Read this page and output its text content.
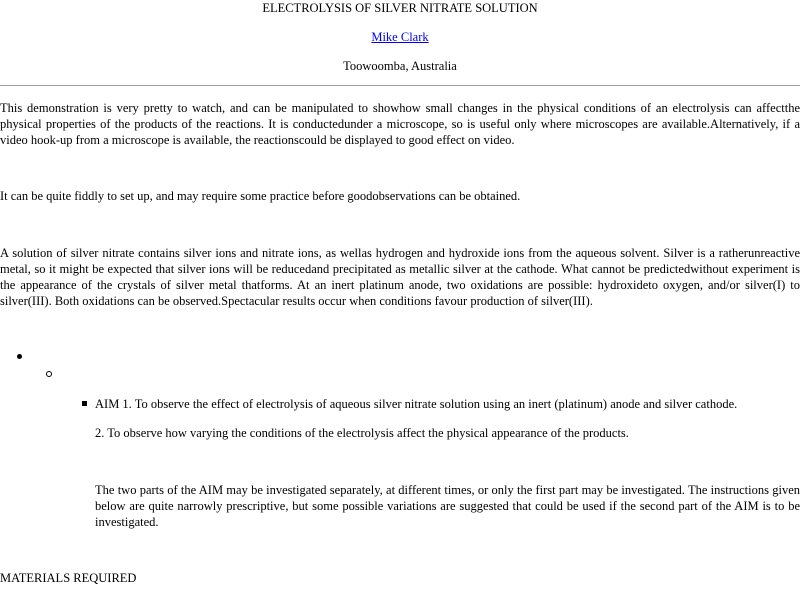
ELECTROLYSIS OF SILVER NITRATE SOLUTION

Mike Clark

Toowoomba, Australia

This demonstration is very pretty to watch, and can be manipulated to showhow small changes in the physical conditions of an electrolysis can affectthe physical properties of the products of the reactions. It is conductedunder a microscope, so is useful only where microscopes are available.Alternatively, if a video hook-up from a microscope is available, the reactionscould be displayed to good effect on video.

It can be quite fiddly to set up, and may require some practice before goodobservations can be obtained.

A solution of silver nitrate contains silver ions and nitrate ions, as wellas hydrogen and hydroxide ions from the aqueous solvent. Silver is a ratherunreactive metal, so it might be expected that silver ions will be reducedand precipitated as metallic silver at the cathode. What cannot be predictedwithout experiment is the appearance of the crystals of silver metal thatforms. At an inert platinum anode, two oxidations are possible: hydroxideto oxygen, and/or silver(I) to silver(III). Both oxidations can be observed.Spectacular results occur when conditions favour production of silver(III).

AIM 1. To observe the effect of electrolysis of aqueous silver nitrate solution using an inert (platinum) anode and silver cathode.

2. To observe how varying the conditions of the electrolysis affect the physical appearance of the products.

The two parts of the AIM may be investigated separately, at different times, or only the first part may be investigated. The instructions given below are quite narrowly prescriptive, but some possible variations are suggested that could be used if the second part of the AIM is to be investigated.

MATERIALS REQUIRED
